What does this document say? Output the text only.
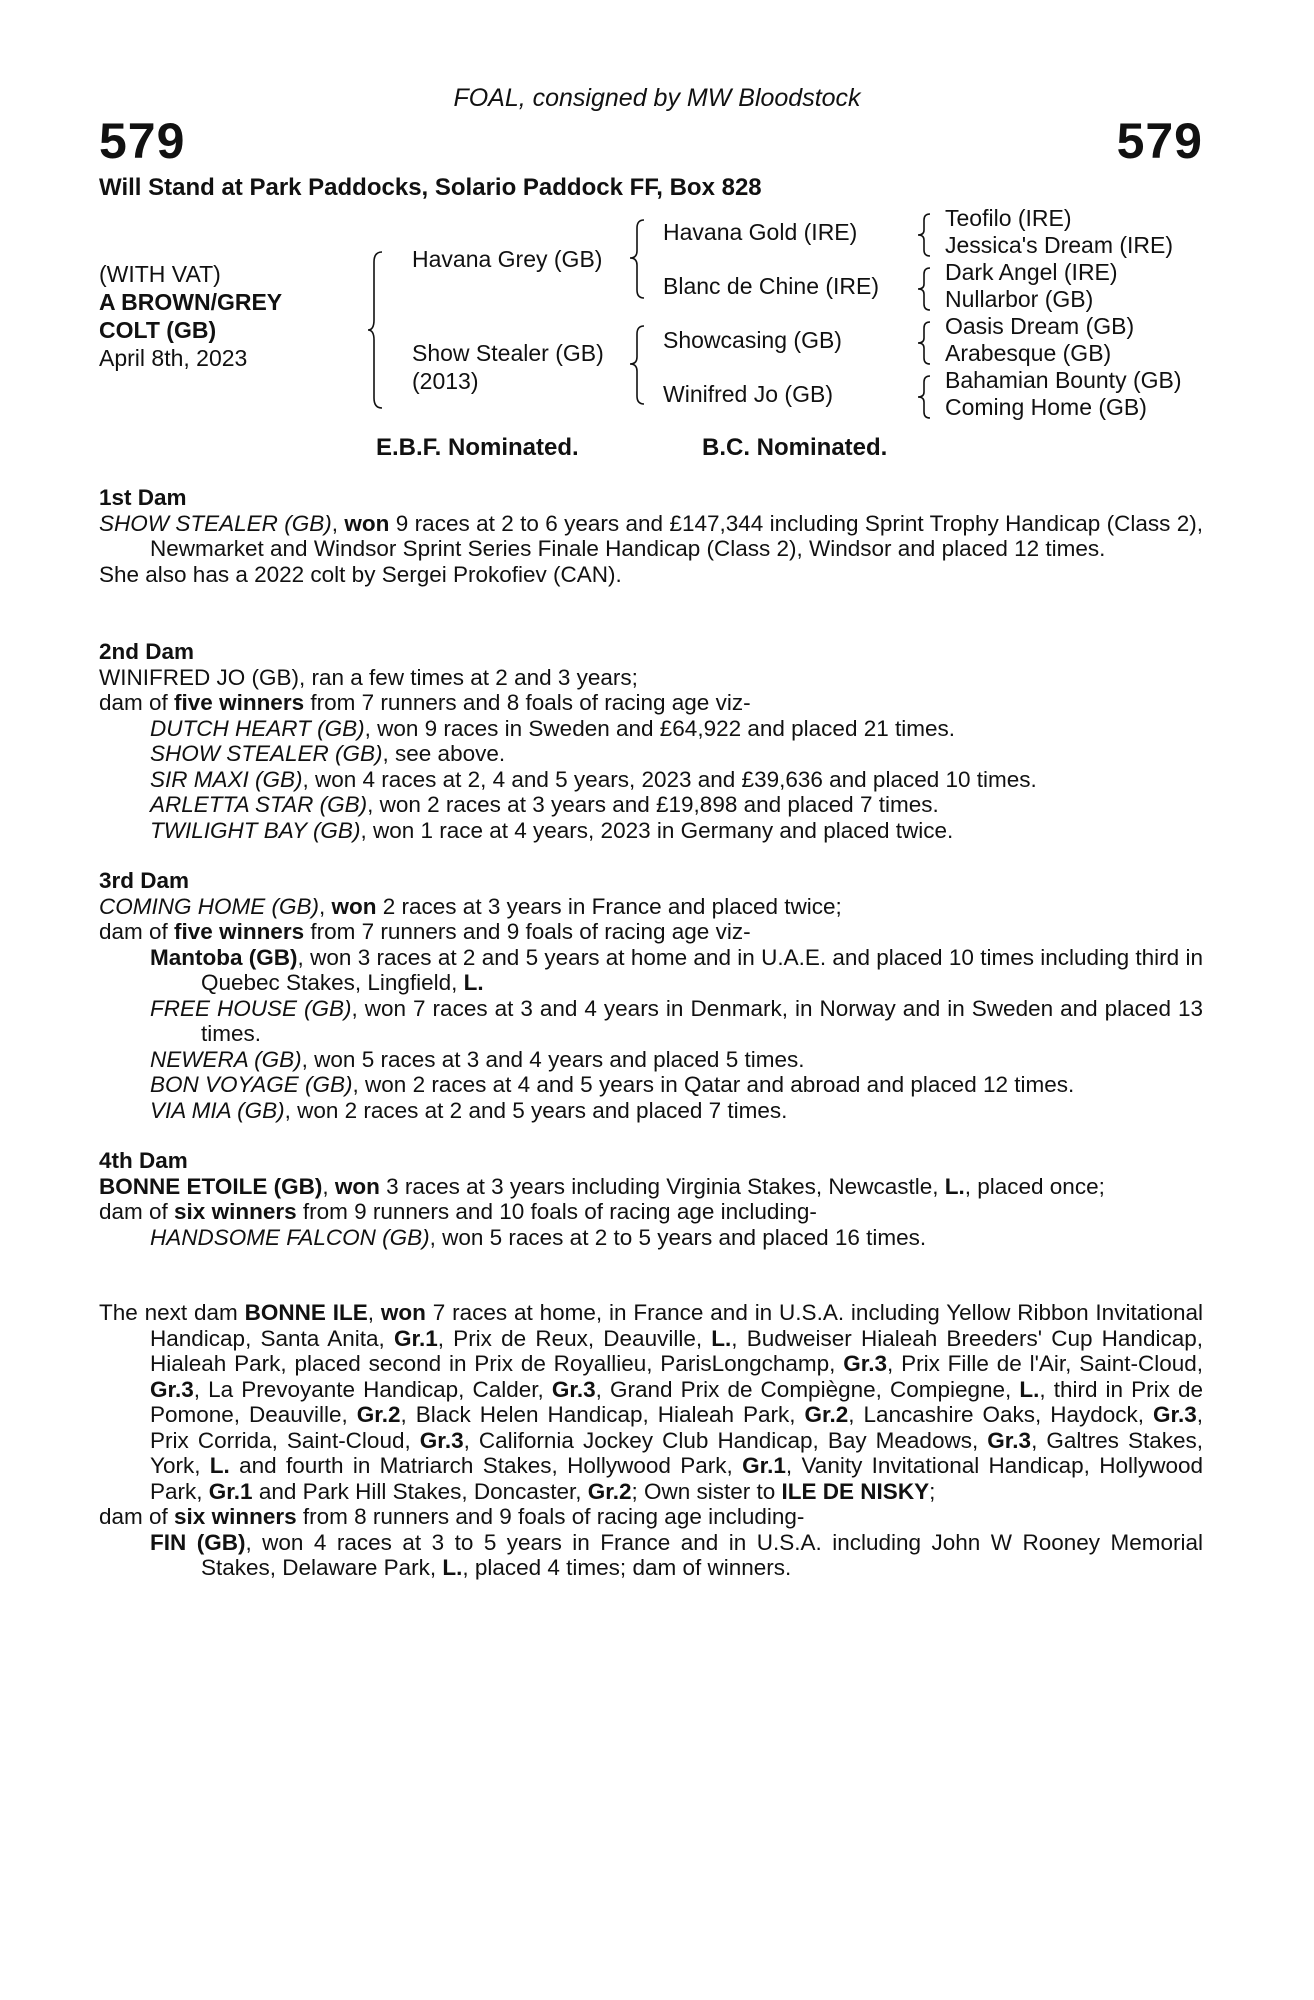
FOAL, consigned by MW Bloodstock
579	579
Will Stand at Park Paddocks, Solario Paddock FF, Box 828
(WITH VAT)
A BROWN/GREY
COLT (GB)
April 8th, 2023
Havana Grey (GB)
Show Stealer (GB)
(2013)
Havana Gold (IRE)
Blanc de Chine (IRE)
Showcasing (GB)
Winifred Jo (GB)
Teofilo (IRE)
Jessica's Dream (IRE)
Dark Angel (IRE)
Nullarbor (GB)
Oasis Dream (GB)
Arabesque (GB)
Bahamian Bounty (GB)
Coming Home (GB)
E.B.F. Nominated.	B.C. Nominated.
1st Dam

SHOW STEALER (GB), won 9 races at 2 to 6 years and £147,344 including Sprint Trophy Handicap (Class 2), Newmarket and Windsor Sprint Series Finale Handicap (Class 2), Windsor and placed 12 times.

She also has a 2022 colt by Sergei Prokofiev (CAN).

2nd Dam

WINIFRED JO (GB), ran a few times at 2 and 3 years;

dam of five winners from 7 runners and 8 foals of racing age viz-

DUTCH HEART (GB), won 9 races in Sweden and £64,922 and placed 21 times.

SHOW STEALER (GB), see above.

SIR MAXI (GB), won 4 races at 2, 4 and 5 years, 2023 and £39,636 and placed 10 times.

ARLETTA STAR (GB), won 2 races at 3 years and £19,898 and placed 7 times.

TWILIGHT BAY (GB), won 1 race at 4 years, 2023 in Germany and placed twice.

3rd Dam

COMING HOME (GB), won 2 races at 3 years in France and placed twice;

dam of five winners from 7 runners and 9 foals of racing age viz-

Mantoba (GB), won 3 races at 2 and 5 years at home and in U.A.E. and placed 10 times including third in Quebec Stakes, Lingfield, L.

FREE HOUSE (GB), won 7 races at 3 and 4 years in Denmark, in Norway and in Sweden and placed 13 times.

NEWERA (GB), won 5 races at 3 and 4 years and placed 5 times.

BON VOYAGE (GB), won 2 races at 4 and 5 years in Qatar and abroad and placed 12 times.

VIA MIA (GB), won 2 races at 2 and 5 years and placed 7 times.

4th Dam

BONNE ETOILE (GB), won 3 races at 3 years including Virginia Stakes, Newcastle, L., placed once;

dam of six winners from 9 runners and 10 foals of racing age including-

HANDSOME FALCON (GB), won 5 races at 2 to 5 years and placed 16 times.

The next dam BONNE ILE, won 7 races at home, in France and in U.S.A. including Yellow Ribbon Invitational Handicap, Santa Anita, Gr.1, Prix de Reux, Deauville, L., Budweiser Hialeah Breeders' Cup Handicap, Hialeah Park, placed second in Prix de Royallieu, ParisLongchamp, Gr.3, Prix Fille de l'Air, Saint-Cloud, Gr.3, La Prevoyante Handicap, Calder, Gr.3, Grand Prix de Compiègne, Compiegne, L., third in Prix de Pomone, Deauville, Gr.2, Black Helen Handicap, Hialeah Park, Gr.2, Lancashire Oaks, Haydock, Gr.3, Prix Corrida, Saint-Cloud, Gr.3, California Jockey Club Handicap, Bay Meadows, Gr.3, Galtres Stakes, York, L. and fourth in Matriarch Stakes, Hollywood Park, Gr.1, Vanity Invitational Handicap, Hollywood Park, Gr.1 and Park Hill Stakes, Doncaster, Gr.2; Own sister to ILE DE NISKY;

dam of six winners from 8 runners and 9 foals of racing age including-

FIN (GB), won 4 races at 3 to 5 years in France and in U.S.A. including John W Rooney Memorial Stakes, Delaware Park, L., placed 4 times; dam of winners.
